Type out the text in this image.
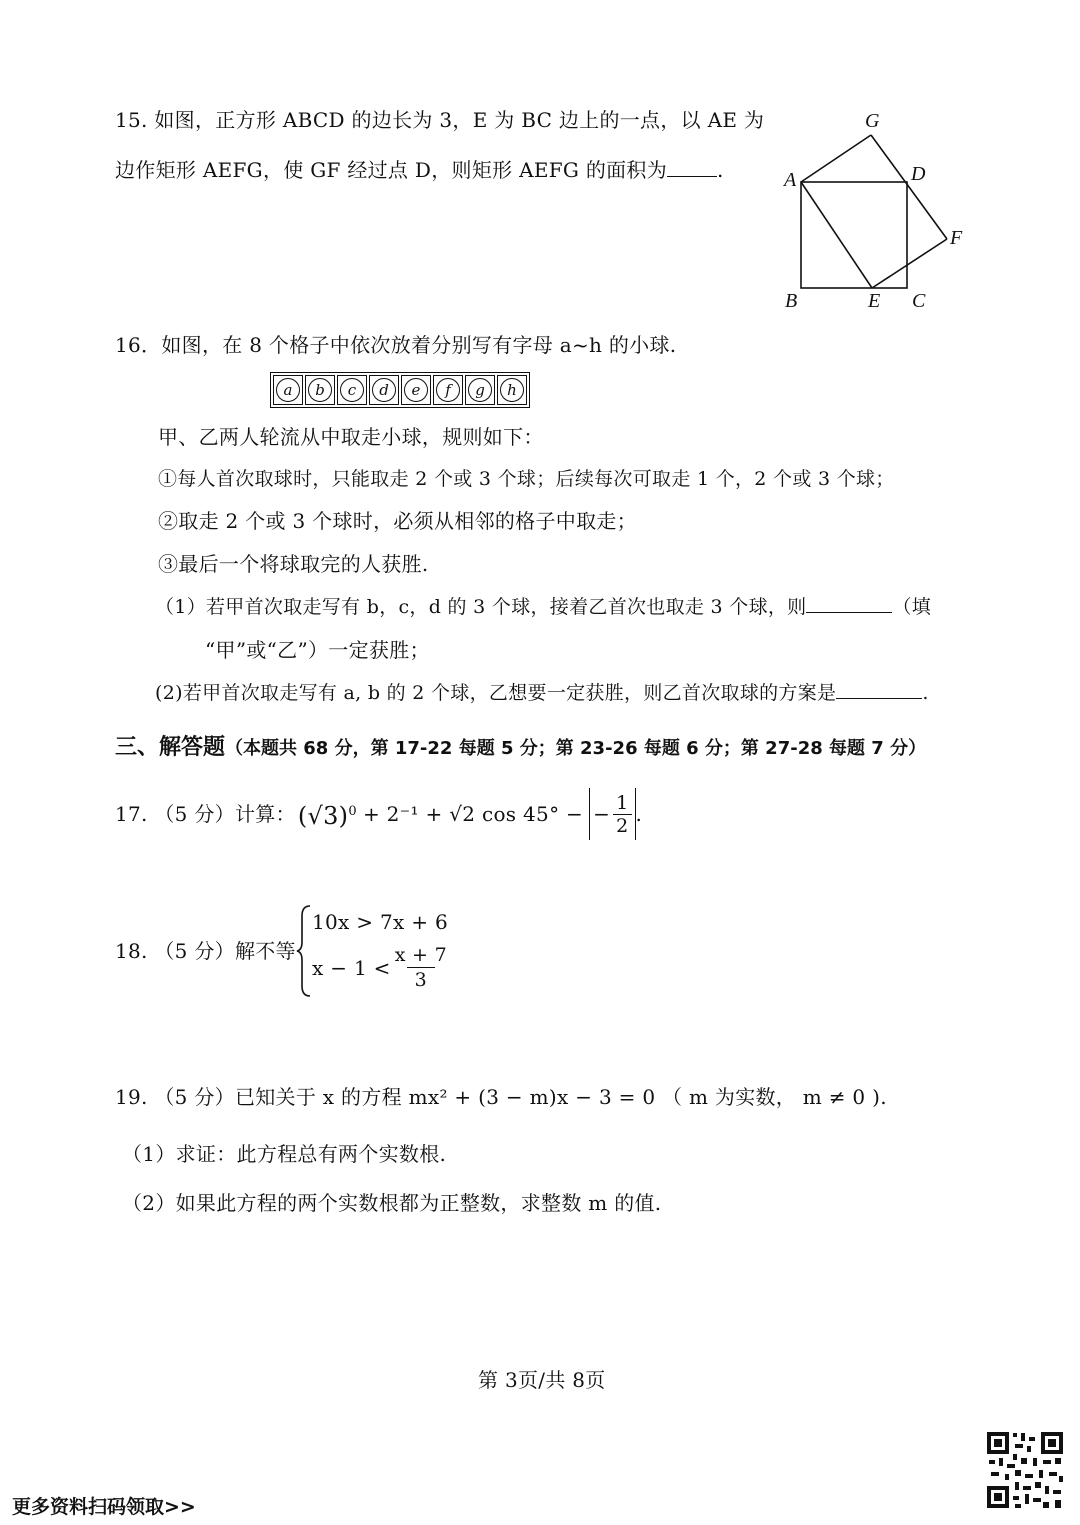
15. 如图，正方形 ABCD 的边长为 3，E 为 BC 边上的一点，以 AE 为
边作矩形 AEFG，使 GF 经过点 D，则矩形 AEFG 的面积为	.	A
B	C
D
E
F
G
16．如图，在 8 个格子中依次放着分别写有字母 a~h 的小球.
a	b	c	d	e	f	g	h
甲、乙两人轮流从中取走小球，规则如下：
①每人首次取球时，只能取走 2 个或 3 个球；后续每次可取走 1 个，2 个或 3 个球；
②取走 2 个或 3 个球时，必须从相邻的格子中取走；
③最后一个将球取完的人获胜.
（1）若甲首次取走写有 b，c，d 的 3 个球，接着乙首次也取走 3 个球，则	（填
“甲”或“乙”）一定获胜；
(2)若甲首次取走写有 a, b 的 2 个球，乙想要一定获胜，则乙首次取球的方案是	.
三、解答题（本题共 68 分，第 17-22 每题 5 分；第 23-26 每题 6 分；第 27-28 每题 7 分）
17. （5 分）计算： $(√3)^0 + 2^{-1} + √2$ cos 45° − − $\frac{1}{2}$ .
18. （5 分）解不等
10x > 7x + 6
$x - 1 < \frac{x + 7}{3}$
19. （5 分）已知关于 x 的方程 mx² + (3 − m)x − 3 = 0 （ m 为实数， m ≠ 0 ).
（1）求证：此方程总有两个实数根.
（2）如果此方程的两个实数根都为正整数，求整数 m 的值.
第 3页/共 8页
更多资料扫码领取>>
